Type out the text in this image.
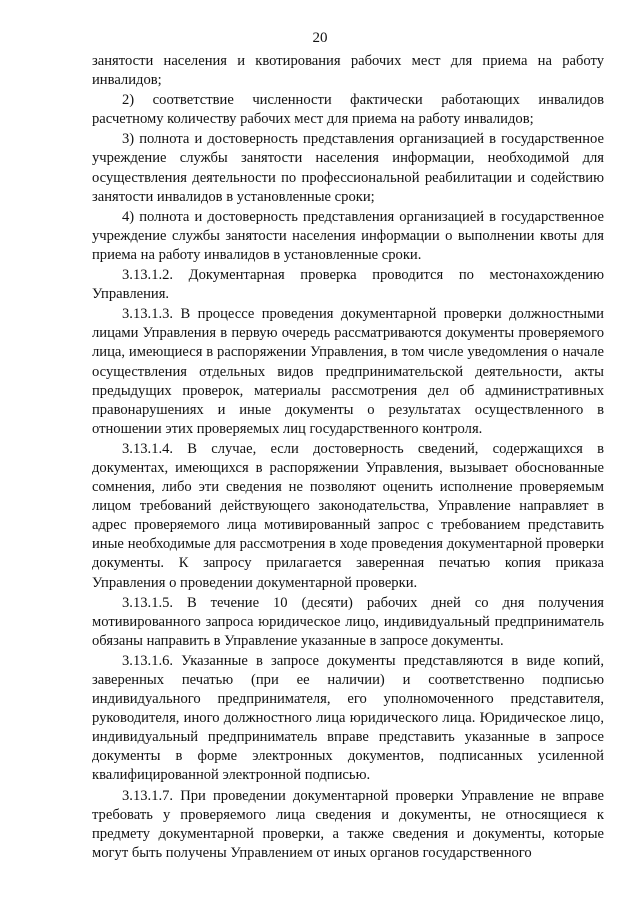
20

занятости населения и квотирования рабочих мест для приема на работу инвалидов;

2) соответствие численности фактически работающих инвалидов расчетному количеству рабочих мест для приема на работу инвалидов;

3) полнота и достоверность представления организацией в государственное учреждение службы занятости населения информации, необходимой для осуществления деятельности по профессиональной реабилитации и содействию занятости инвалидов в установленные сроки;

4) полнота и достоверность представления организацией в государственное учреждение службы занятости населения информации о выполнении квоты для приема на работу инвалидов в установленные сроки.

3.13.1.2. Документарная проверка проводится по местонахождению Управления.

3.13.1.3. В процессе проведения документарной проверки должностными лицами Управления в первую очередь рассматриваются документы проверяемого лица, имеющиеся в распоряжении Управления, в том числе уведомления о начале осуществления отдельных видов предпринимательской деятельности, акты предыдущих проверок, материалы рассмотрения дел об административных правонарушениях и иные документы о результатах осуществленного в отношении этих проверяемых лиц государственного контроля.

3.13.1.4. В случае, если достоверность сведений, содержащихся в документах, имеющихся в распоряжении Управления, вызывает обоснованные сомнения, либо эти сведения не позволяют оценить исполнение проверяемым лицом требований действующего законодательства, Управление направляет в адрес проверяемого лица мотивированный запрос с требованием представить иные необходимые для рассмотрения в ходе проведения документарной проверки документы. К запросу прилагается заверенная печатью копия приказа Управления о проведении документарной проверки.

3.13.1.5. В течение 10 (десяти) рабочих дней со дня получения мотивированного запроса юридическое лицо, индивидуальный предприниматель обязаны направить в Управление указанные в запросе документы.

3.13.1.6. Указанные в запросе документы представляются в виде копий, заверенных печатью (при ее наличии) и соответственно подписью индивидуального предпринимателя, его уполномоченного представителя, руководителя, иного должностного лица юридического лица. Юридическое лицо, индивидуальный предприниматель вправе представить указанные в запросе документы в форме электронных документов, подписанных усиленной квалифицированной электронной подписью.

3.13.1.7. При проведении документарной проверки Управление не вправе требовать у проверяемого лица сведения и документы, не относящиеся к предмету документарной проверки, а также сведения и документы, которые могут быть получены Управлением от иных органов государственного
